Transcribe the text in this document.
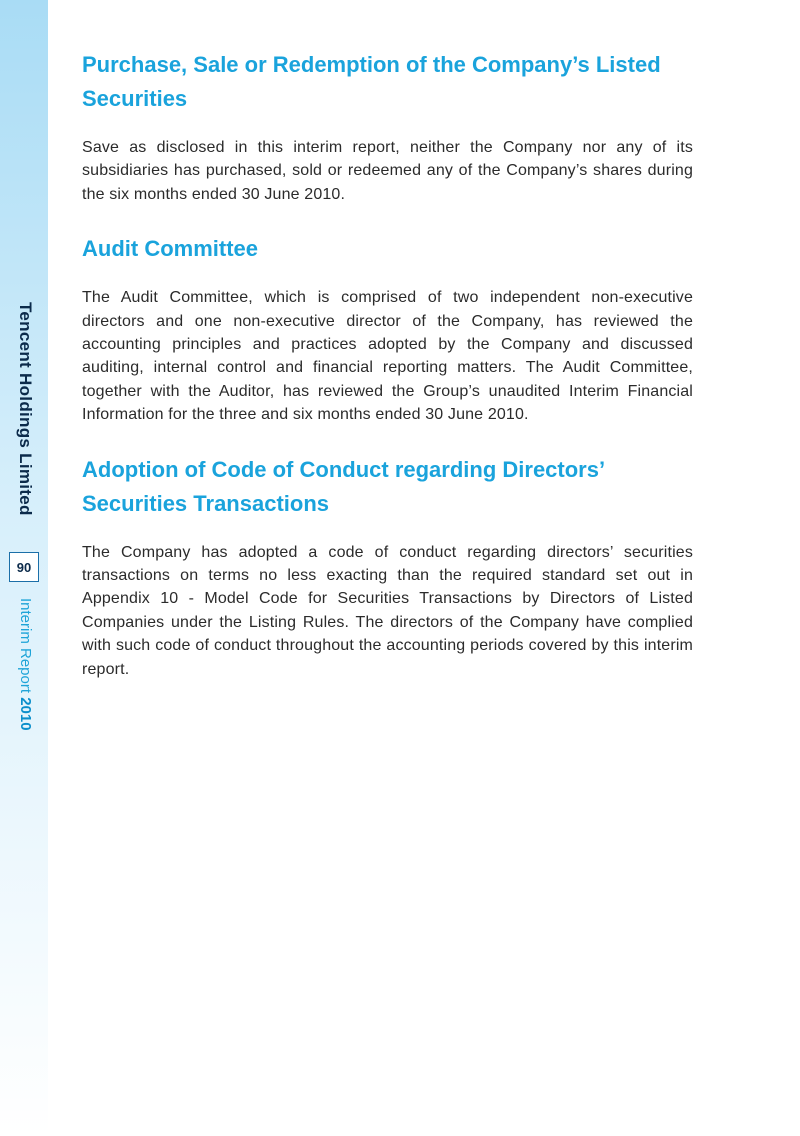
Tencent Holdings Limited
90
Interim Report 2010
Purchase, Sale or Redemption of the Company’s Listed Securities

Save as disclosed in this interim report, neither the Company nor any of its subsidiaries has purchased, sold or redeemed any of the Company’s shares during the six months ended 30 June 2010.

Audit Committee

The Audit Committee, which is comprised of two independent non-executive directors and one non-executive director of the Company, has reviewed the accounting principles and practices adopted by the Company and discussed auditing, internal control and financial reporting matters. The Audit Committee, together with the Auditor, has reviewed the Group’s unaudited Interim Financial Information for the three and six months ended 30 June 2010.

Adoption of Code of Conduct regarding Directors’ Securities Transactions

The Company has adopted a code of conduct regarding directors’ securities transactions on terms no less exacting than the required standard set out in Appendix 10 - Model Code for Securities Transactions by Directors of Listed Companies under the Listing Rules. The directors of the Company have complied with such code of conduct throughout the accounting periods covered by this interim report.
